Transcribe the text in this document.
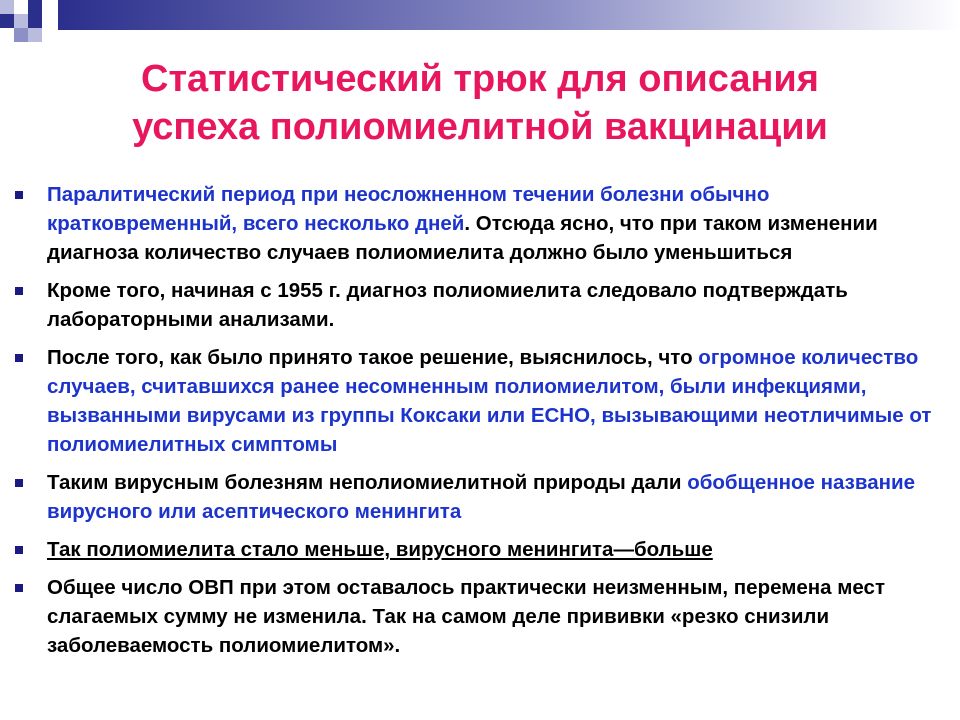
Статистический трюк для описания
успеха полиомиелитной вакцинации
Паралитический период при неосложненном течении болезни обычно кратковременный, всего несколько дней. Отсюда ясно, что при таком изменении диагноза количество случаев полиомиелита должно было уменьшиться
Кроме того, начиная с 1955 г. диагноз полиомиелита следовало подтверждать лабораторными анализами.
После того, как было принято такое решение, выяснилось, что огромное количество случаев, считавшихся ранее несомненным полиомиелитом, были инфекциями, вызванными вирусами из группы Коксаки или ECHO, вызывающими неотличимые от полиомиелитных симптомы
Таким вирусным болезням неполиомиелитной природы дали обобщенное название вирусного или асептического менингита
Так полиомиелита стало меньше, вирусного менингита—больше
Общее число ОВП при этом оставалось практически неизменным, перемена мест слагаемых сумму не изменила. Так на самом деле прививки «резко снизили заболеваемость полиомиелитом».
